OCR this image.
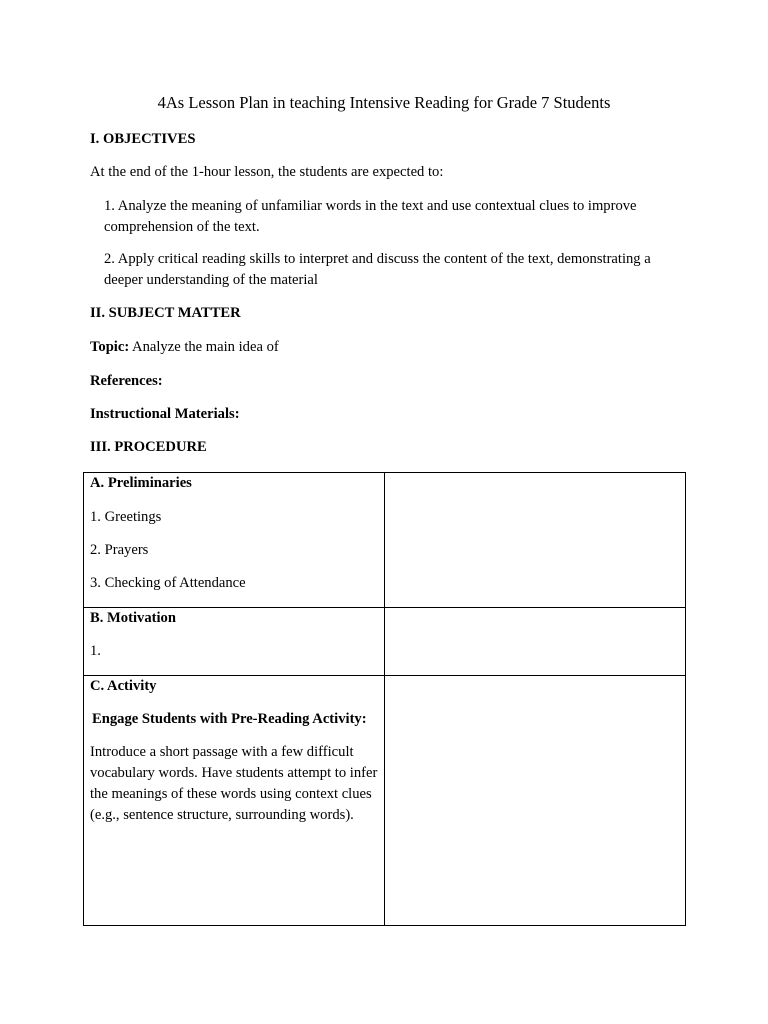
4As Lesson Plan in teaching Intensive Reading for Grade 7 Students
I. OBJECTIVES
At the end of the 1-hour lesson, the students are expected to:
1. Analyze the meaning of unfamiliar words in the text and use contextual clues to improve comprehension of the text.
2. Apply critical reading skills to interpret and discuss the content of the text, demonstrating a deeper understanding of the material
II. SUBJECT MATTER
Topic: Analyze the main idea of
References:
Instructional Materials:
III. PROCEDURE
A. Preliminaries
1. Greetings
2. Prayers
3. Checking of Attendance	

B. Motivation
1.	

C. Activity
Engage Students with Pre-Reading Activity:
Introduce a short passage with a few difficult vocabulary words. Have students attempt to infer the meanings of these words using context clues (e.g., sentence structure, surrounding words).	
